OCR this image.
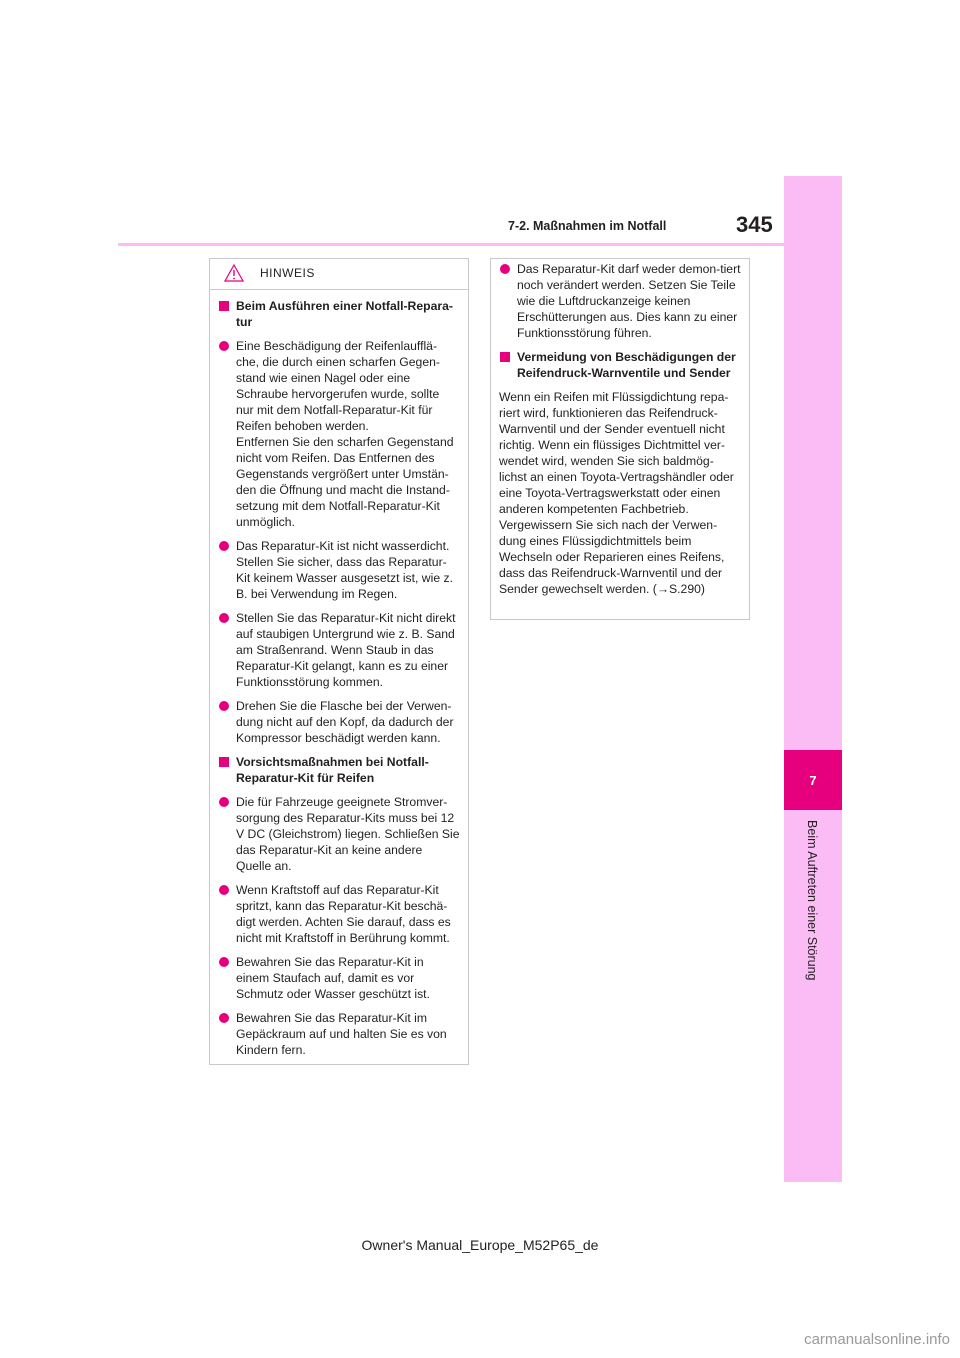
7
Beim Auftreten einer Störung
7-2. Maßnahmen im Notfall	345
HINWEIS
Beim Ausführen einer Notfall-Repara-tur
Eine Beschädigung der Reifenlaufflä-che, die durch einen scharfen Gegen-stand wie einen Nagel oder eine Schraube hervorgerufen wurde, sollte nur mit dem Notfall-Reparatur-Kit für Reifen behoben werden.
Entfernen Sie den scharfen Gegenstand nicht vom Reifen. Das Entfernen des Gegenstands vergrößert unter Umstän-den die Öffnung und macht die Instand-setzung mit dem Notfall-Reparatur-Kit unmöglich.
Das Reparatur-Kit ist nicht wasserdicht. Stellen Sie sicher, dass das Reparatur-Kit keinem Wasser ausgesetzt ist, wie z. B. bei Verwendung im Regen.
Stellen Sie das Reparatur-Kit nicht direkt auf staubigen Untergrund wie z. B. Sand am Straßenrand. Wenn Staub in das Reparatur-Kit gelangt, kann es zu einer Funktionsstörung kommen.
Drehen Sie die Flasche bei der Verwen-dung nicht auf den Kopf, da dadurch der Kompressor beschädigt werden kann.
Vorsichtsmaßnahmen bei Notfall-Reparatur-Kit für Reifen
Die für Fahrzeuge geeignete Stromver-sorgung des Reparatur-Kits muss bei 12 V DC (Gleichstrom) liegen. Schließen Sie das Reparatur-Kit an keine andere Quelle an.
Wenn Kraftstoff auf das Reparatur-Kit spritzt, kann das Reparatur-Kit beschä-digt werden. Achten Sie darauf, dass es nicht mit Kraftstoff in Berührung kommt.
Bewahren Sie das Reparatur-Kit in einem Staufach auf, damit es vor Schmutz oder Wasser geschützt ist.
Bewahren Sie das Reparatur-Kit im Gepäckraum auf und halten Sie es von Kindern fern.
Das Reparatur-Kit darf weder demon-tiert noch verändert werden. Setzen Sie Teile wie die Luftdruckanzeige keinen Erschütterungen aus. Dies kann zu einer Funktionsstörung führen.
Vermeidung von Beschädigungen der Reifendruck-Warnventile und Sender
Wenn ein Reifen mit Flüssigdichtung repa-riert wird, funktionieren das Reifendruck-Warnventil und der Sender eventuell nicht richtig. Wenn ein flüssiges Dichtmittel ver-wendet wird, wenden Sie sich baldmög-lichst an einen Toyota-Vertragshändler oder eine Toyota-Vertragswerkstatt oder einen anderen kompetenten Fachbetrieb. Vergewissern Sie sich nach der Verwen-dung eines Flüssigdichtmittels beim Wechseln oder Reparieren eines Reifens, dass das Reifendruck-Warnventil und der Sender gewechselt werden. (→S.290)
Owner's Manual_Europe_M52P65_de
carmanualsonline.info
